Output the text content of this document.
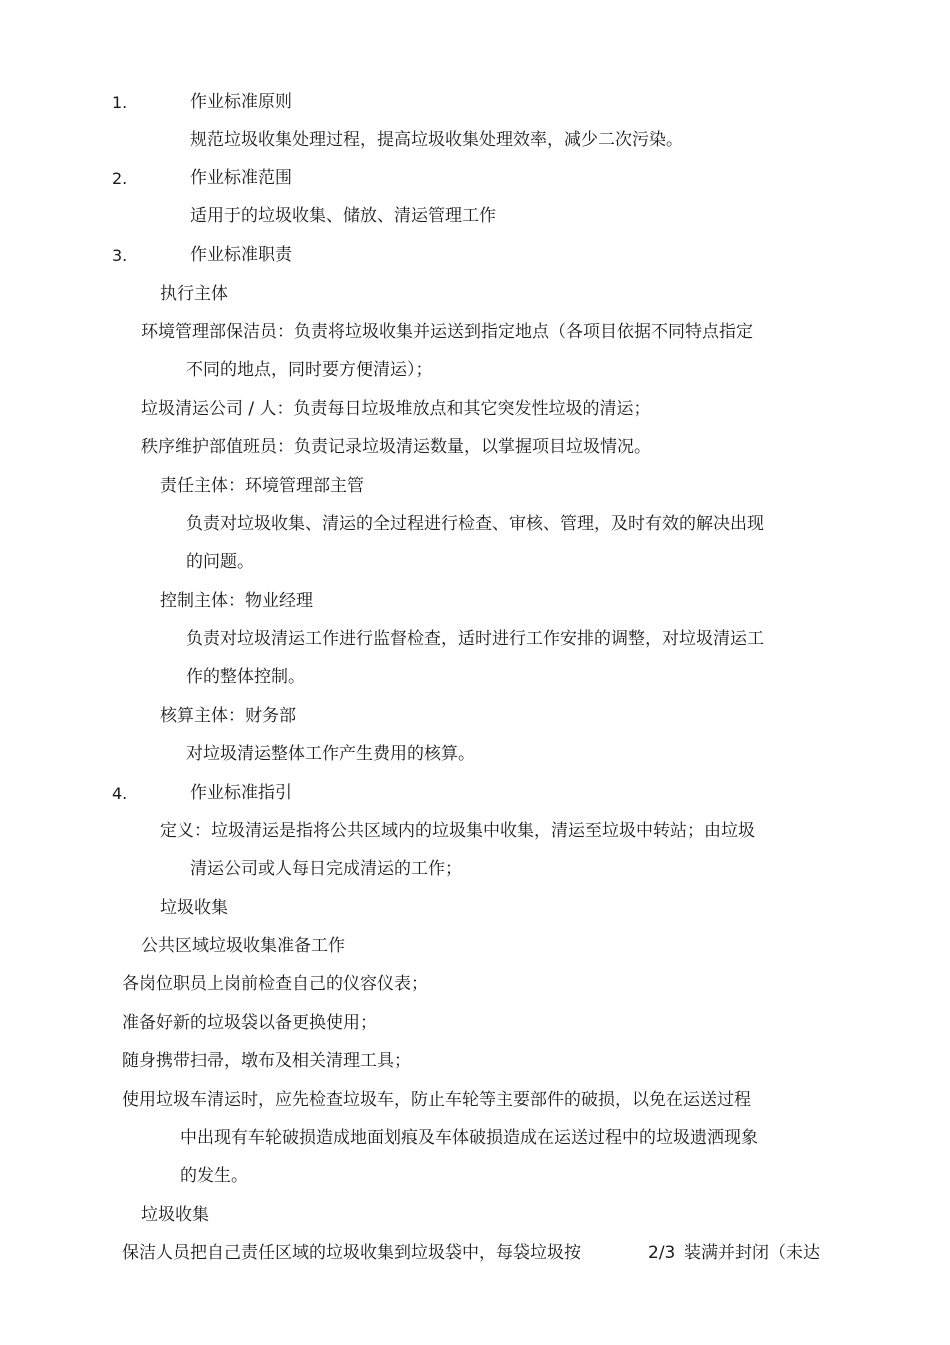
1.	作业标准原则
规范垃圾收集处理过程，提高垃圾收集处理效率，减少二次污染。
2.	作业标准范围
适用于的垃圾收集、储放、清运管理工作
3.	作业标准职责
执行主体
环境管理部保洁员：负责将垃圾收集并运送到指定地点（各项目依据不同特点指定
不同的地点，同时要方便清运）；
垃圾清运公司 / 人：负责每日垃圾堆放点和其它突发性垃圾的清运；
秩序维护部值班员：负责记录垃圾清运数量，以掌握项目垃圾情况。
责任主体：环境管理部主管
负责对垃圾收集、清运的全过程进行检查、审核、管理，及时有效的解决出现
的问题。
控制主体：物业经理
负责对垃圾清运工作进行监督检查，适时进行工作安排的调整，对垃圾清运工
作的整体控制。
核算主体：财务部
对垃圾清运整体工作产生费用的核算。
4.	作业标准指引
定义：垃圾清运是指将公共区域内的垃圾集中收集，清运至垃圾中转站；由垃圾
清运公司或人每日完成清运的工作；
垃圾收集
公共区域垃圾收集准备工作
各岗位职员上岗前检查自己的仪容仪表；
准备好新的垃圾袋以备更换使用；
随身携带扫帚，墩布及相关清理工具；
使用垃圾车清运时，应先检查垃圾车，防止车轮等主要部件的破损，以免在运送过程
中出现有车轮破损造成地面划痕及车体破损造成在运送过程中的垃圾遗洒现象
的发生。
垃圾收集
保洁人员把自己责任区域的垃圾收集到垃圾袋中，每袋垃圾按	2/3 装满并封闭（未达
